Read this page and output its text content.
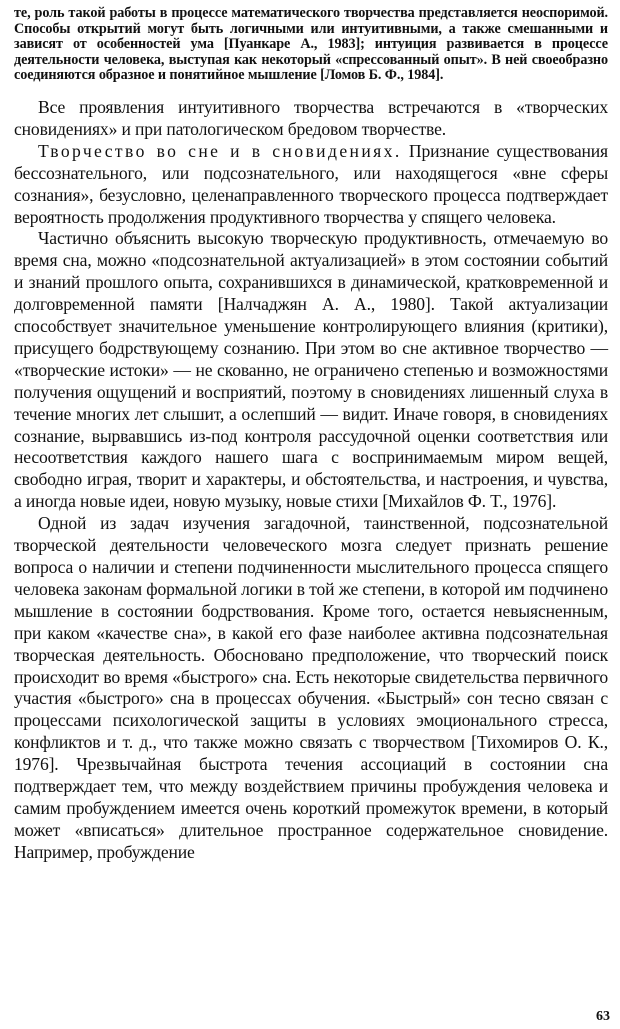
те, роль такой работы в процессе математического творчества представляется неоспоримой. Способы открытий могут быть логичными или интуитивными, а также смешанными и зависят от особенностей ума [Пуанкаре А., 1983]; интуиция развивается в процессе деятельности человека, выступая как некоторый «спрессованный опыт». В ней своеобразно соединяются образное и понятийное мышление [Ломов Б. Ф., 1984].

Все проявления интуитивного творчества встречаются в «творческих сновидениях» и при патологическом бредовом творчестве.

Творчество во сне и в сновидениях. Признание существования бессознательного, или подсознательного, или находящегося «вне сферы сознания», безусловно, целенаправленного творческого процесса подтверждает вероятность продолжения продуктивного творчества у спящего человека.

Частично объяснить высокую творческую продуктивность, отмечаемую во время сна, можно «подсознательной актуализацией» в этом состоянии событий и знаний прошлого опыта, сохранившихся в динамической, кратковременной и долговременной памяти [Налчаджян А. А., 1980]. Такой актуализации способствует значительное уменьшение контролирующего влияния (критики), присущего бодрствующему сознанию. При этом во сне активное творчество — «творческие истоки» — не скованно, не ограничено степенью и возможностями получения ощущений и восприятий, поэтому в сновидениях лишенный слуха в течение многих лет слышит, а ослепший — видит. Иначе говоря, в сновидениях сознание, вырвавшись из-под контроля рассудочной оценки соответствия или несоответствия каждого нашего шага с воспринимаемым миром вещей, свободно играя, творит и характеры, и обстоятельства, и настроения, и чувства, а иногда новые идеи, новую музыку, новые стихи [Михайлов Ф. Т., 1976].

Одной из задач изучения загадочной, таинственной, подсознательной творческой деятельности человеческого мозга следует признать решение вопроса о наличии и степени подчиненности мыслительного процесса спящего человека законам формальной логики в той же степени, в которой им подчинено мышление в состоянии бодрствования. Кроме того, остается невыясненным, при каком «качестве сна», в какой его фазе наиболее активна подсознательная творческая деятельность. Обосновано предположение, что творческий поиск происходит во время «быстрого» сна. Есть некоторые свидетельства первичного участия «быстрого» сна в процессах обучения. «Быстрый» сон тесно связан с процессами психологической защиты в условиях эмоционального стресса, конфликтов и т. д., что также можно связать с творчеством [Тихомиров О. К., 1976]. Чрезвычайная быстрота течения ассоциаций в состоянии сна подтверждает тем, что между воздействием причины пробуждения человека и самим пробуждением имеется очень короткий промежуток времени, в который может «вписаться» длительное пространное содержательное сновидение. Например, пробуждение

63
